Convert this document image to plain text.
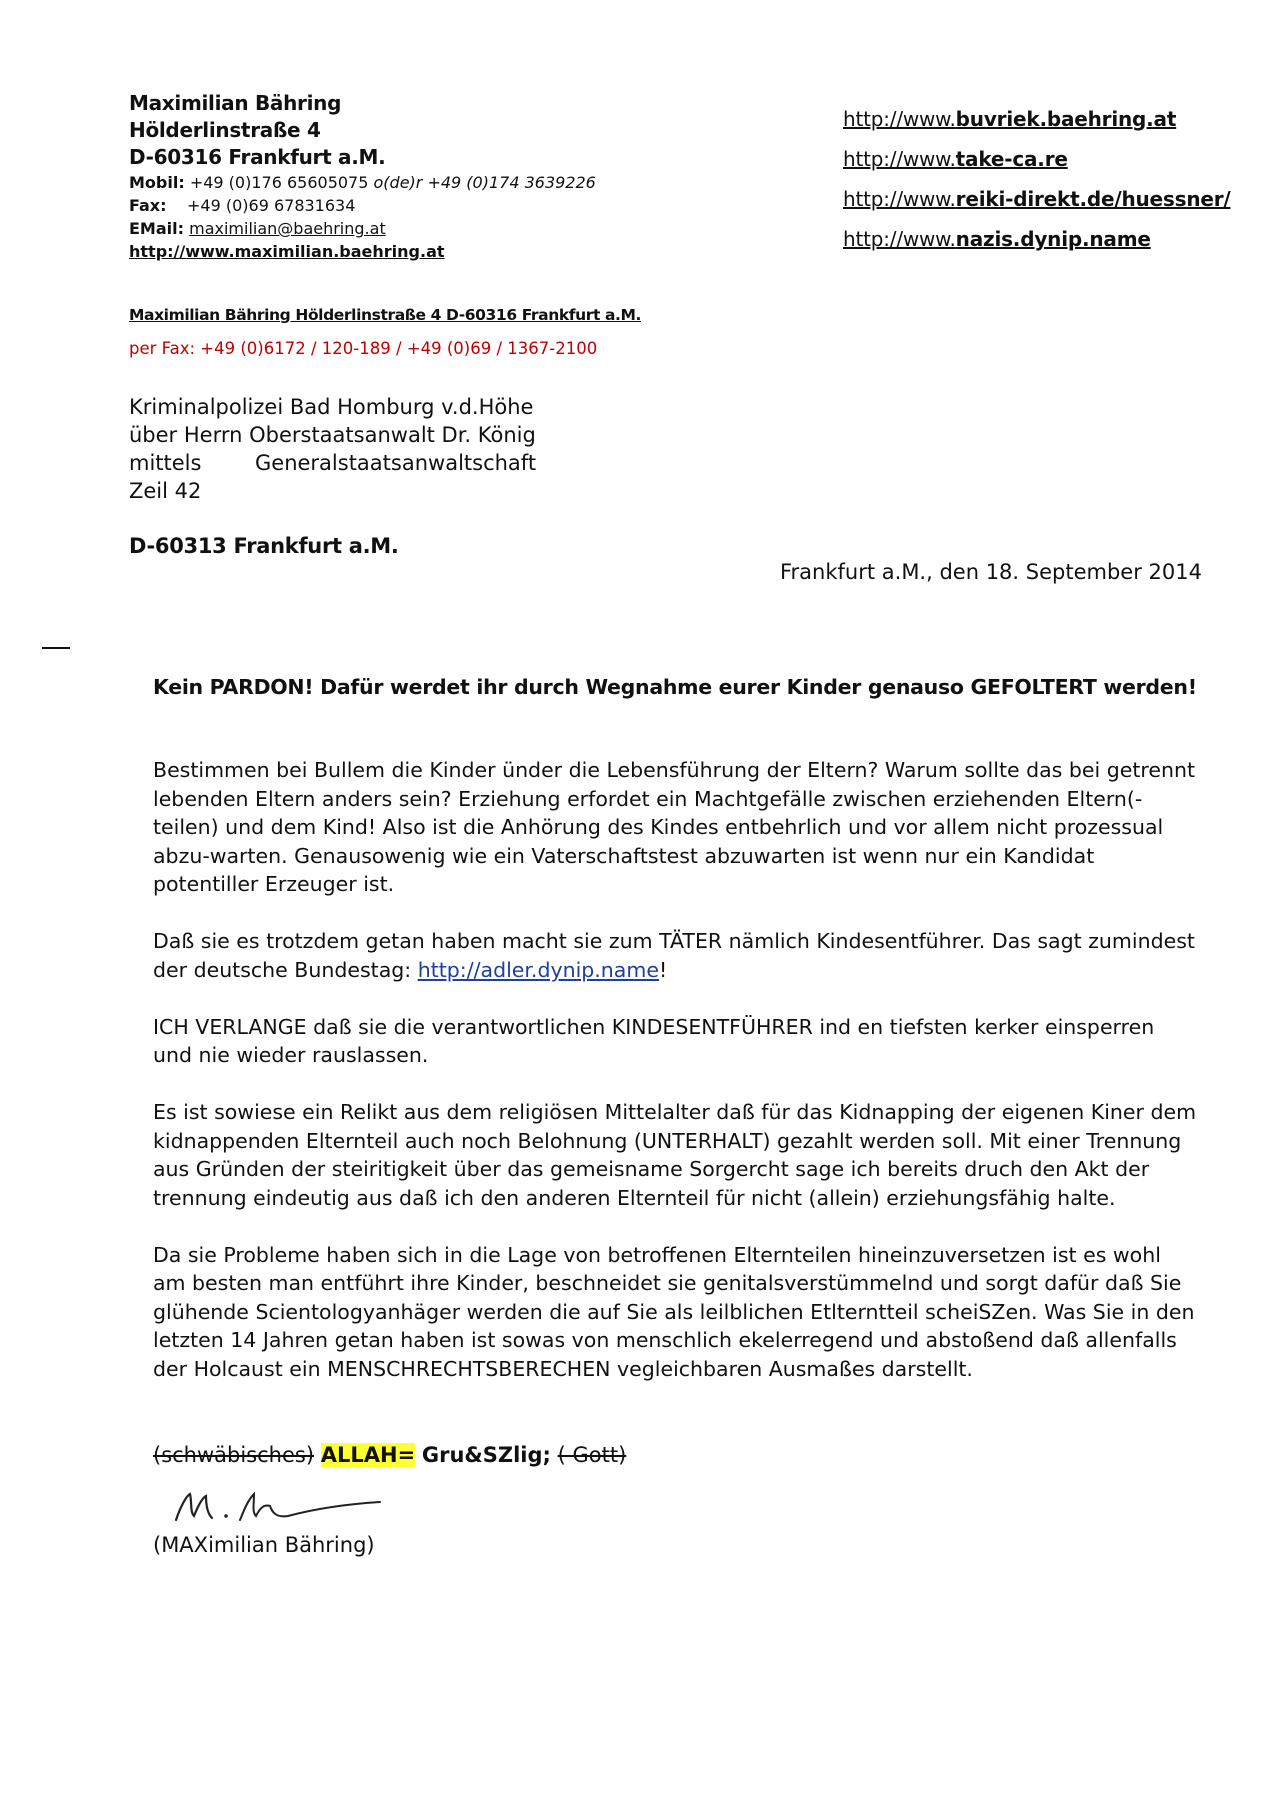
Maximilian Bähring
Hölderlinstraße 4
D-60316 Frankfurt a.M.
Mobil: +49 (0)176 65605075 o(de)r +49 (0)174 3639226
Fax: +49 (0)69 67831634
EMail: maximilian@baehring.at
http://www.maximilian.baehring.at
http://www.buvriek.baehring.at
http://www.take-ca.re
http://www.reiki-direkt.de/huessner/
http://www.nazis.dynip.name
Maximilian Bähring Hölderlinstraße 4 D-60316 Frankfurt a.M.
per Fax: +49 (0)6172 / 120-189 / +49 (0)69 / 1367-2100
Kriminalpolizei Bad Homburg v.d.Höhe
über Herrn Oberstaatsanwalt Dr. König
mittels	Generalstaatsanwaltschaft
Zeil 42
D-60313 Frankfurt a.M.
Frankfurt a.M., den 18. September 2014
Kein PARDON! Dafür werdet ihr durch Wegnahme eurer Kinder genauso GEFOLTERT werden!

Bestimmen bei Bullem die Kinder ünder die Lebensführung der Eltern? Warum sollte das bei getrennt lebenden Eltern anders sein? Erziehung erfordet ein Machtgefälle zwischen erziehenden Eltern(-teilen) und dem Kind! Also ist die Anhörung des Kindes entbehrlich und vor allem nicht prozessual abzu-warten. Genausowenig wie ein Vaterschaftstest abzuwarten ist wenn nur ein Kandidat potentiller Erzeuger ist.

Daß sie es trotzdem getan haben macht sie zum TÄTER nämlich Kindesentführer. Das sagt zumindest der deutsche Bundestag: http://adler.dynip.name!

ICH VERLANGE daß sie die verantwortlichen KINDESENTFÜHRER ind en tiefsten kerker einsperren und nie wieder rauslassen.

Es ist sowiese ein Relikt aus dem religiösen Mittelalter daß für das Kidnapping der eigenen Kiner dem kidnappenden Elternteil auch noch Belohnung (UNTERHALT) gezahlt werden soll. Mit einer Trennung aus Gründen der steiritigkeit über das gemeisname Sorgercht sage ich bereits druch den Akt der trennung eindeutig aus daß ich den anderen Elternteil für nicht (allein) erziehungsfähig halte.

Da sie Probleme haben sich in die Lage von betroffenen Elternteilen hineinzuversetzen ist es wohl am besten man entführt ihre Kinder, beschneidet sie genitalsverstümmelnd und sorgt dafür daß Sie glühende Scientologyanhäger werden die auf Sie als leilblichen Etlterntteil scheiSZen. Was Sie in den letzten 14 Jahren getan haben ist sowas von menschlich ekelerregend und abstoßend daß allenfalls der Holcaust ein MENSCHRECHTSBERECHEN vegleichbaren Ausmaßes darstellt.

(schwäbisches) ALLAH= Gru&SZlig; ( Gott)
(MAXimilian Bähring)
